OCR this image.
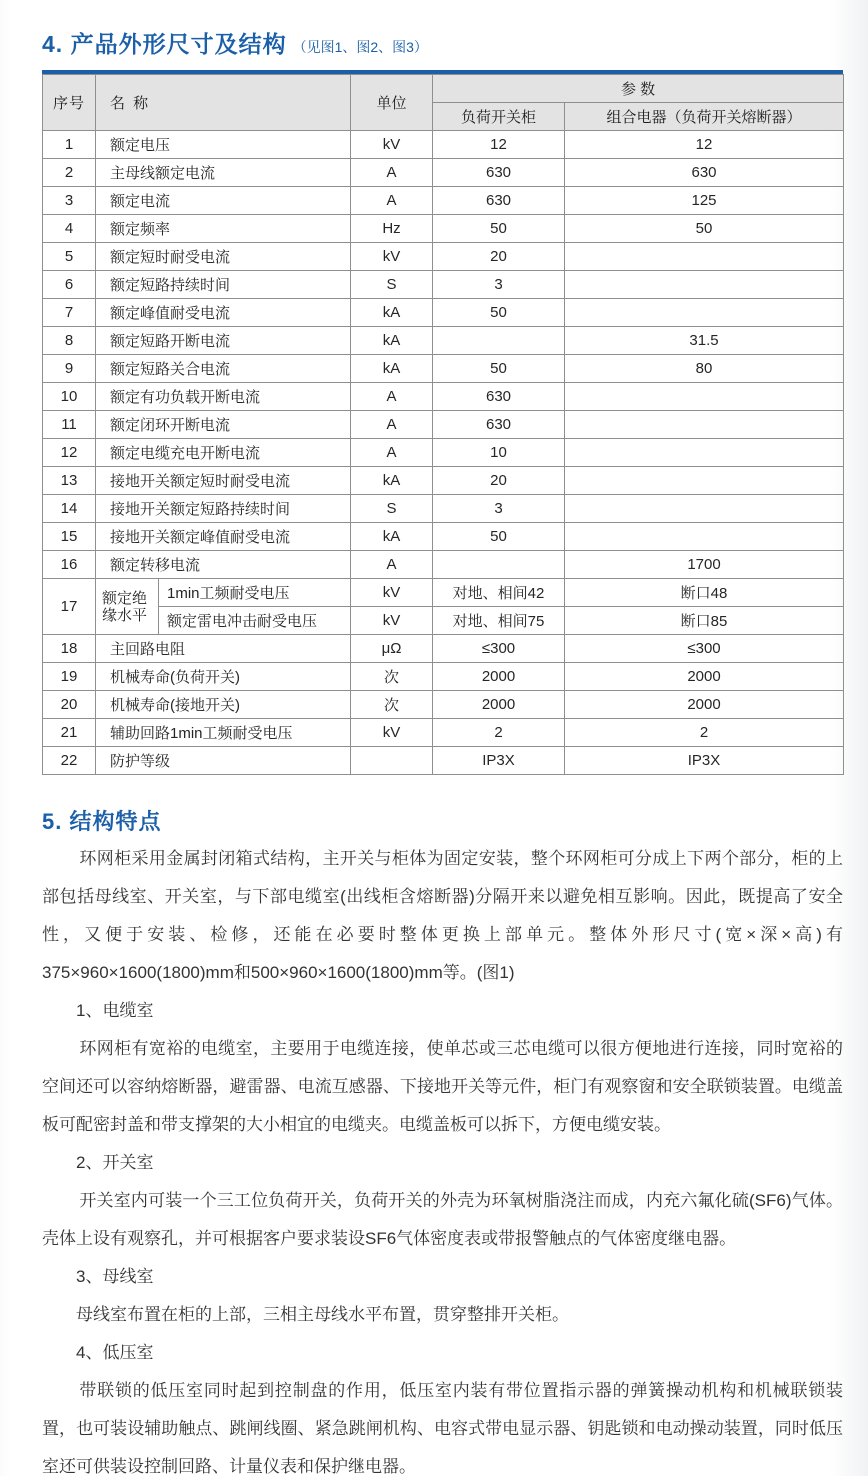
4. 产品外形尺寸及结构 （见图1、图2、图3）
序号	名 称		单位	参 数	
				负荷开关柜	组合电器（负荷开关熔断器）
1	额定电压		kV	12	12
2	主母线额定电流		A	630	630
3	额定电流		A	630	125
4	额定频率		Hz	50	50
5	额定短时耐受电流		kV	20	
6	额定短路持续时间		S	3	
7	额定峰值耐受电流		kA	50	
8	额定短路开断电流		kA		31.5
9	额定短路关合电流		kA	50	80
10	额定有功负载开断电流		A	630	
11	额定闭环开断电流		A	630	
12	额定电缆充电开断电流		A	10	
13	接地开关额定短时耐受电流		kA	20	
14	接地开关额定短路持续时间		S	3	
15	接地开关额定峰值耐受电流		kA	50	
16	额定转移电流		A		1700
17	额定绝缘水平	1min工频耐受电压	kV	对地、相间42	断口48
		额定雷电冲击耐受电压	kV	对地、相间75	断口85
18	主回路电阻		μΩ	≤300	≤300
19	机械寿命(负荷开关)		次	2000	2000
20	机械寿命(接地开关)		次	2000	2000
21	辅助回路1min工频耐受电压		kV	2	2
22	防护等级			IP3X	IP3X
5. 结构特点

环网柜采用金属封闭箱式结构，主开关与柜体为固定安装，整个环网柜可分成上下两个部分，柜的上部包括母线室、开关室，与下部电缆室(出线柜含熔断器)分隔开来以避免相互影响。因此，既提高了安全性，又便于安装、检修，还能在必要时整体更换上部单元。整体外形尺寸(宽×深×高)有375×960×1600(1800)mm和500×960×1600(1800)mm等。(图1)

1、电缆室

环网柜有宽裕的电缆室，主要用于电缆连接，使单芯或三芯电缆可以很方便地进行连接，同时宽裕的空间还可以容纳熔断器，避雷器、电流互感器、下接地开关等元件，柜门有观察窗和安全联锁装置。电缆盖板可配密封盖和带支撑架的大小相宜的电缆夹。电缆盖板可以拆下，方便电缆安装。

2、开关室

开关室内可装一个三工位负荷开关，负荷开关的外壳为环氧树脂浇注而成，内充六氟化硫(SF6)气体。壳体上设有观察孔，并可根据客户要求装设SF6气体密度表或带报警触点的气体密度继电器。

3、母线室

母线室布置在柜的上部，三相主母线水平布置，贯穿整排开关柜。

4、低压室

带联锁的低压室同时起到控制盘的作用，低压室内装有带位置指示器的弹簧操动机构和机械联锁装置，也可装设辅助触点、跳闸线圈、紧急跳闸机构、电容式带电显示器、钥匙锁和电动操动装置，同时低压室还可供装设控制回路、计量仪表和保护继电器。
